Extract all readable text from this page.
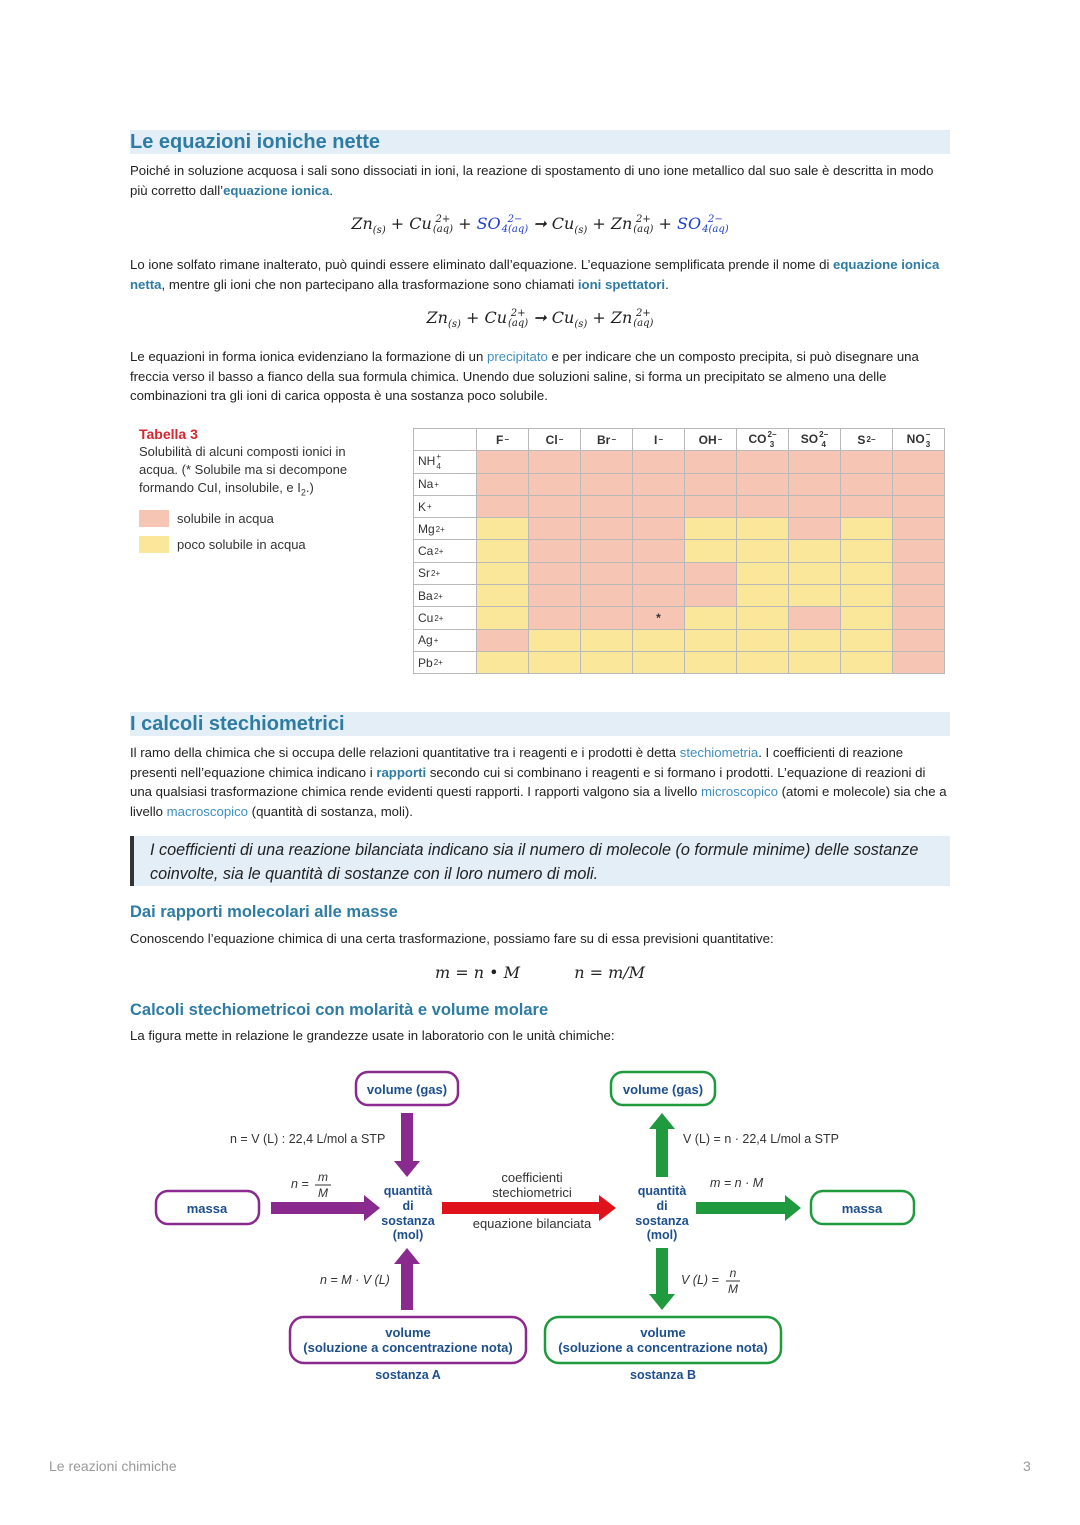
Le equazioni ioniche nette
Poiché in soluzione acquosa i sali sono dissociati in ioni, la reazione di spostamento di uno ione metallico dal suo sale è descritta in modo più corretto dall’equazione ionica.
$Zn_{(s)} + Cu$ 2+
(aq) + SO 2−
4(aq) ➞ $Cu_{(s)} + Zn$ 2+
(aq) + SO 2−
4(aq)
Lo ione solfato rimane inalterato, può quindi essere eliminato dall’equazione. L’equazione semplificata prende il nome di equazione ionica netta, mentre gli ioni che non partecipano alla trasformazione sono chiamati ioni spettatori.
$Zn_{(s)} + Cu$ 2+
(aq) ➞ $Cu_{(s)} + Zn$ 2+
(aq)
Le equazioni in forma ionica evidenziano la formazione di un precipitato e per indicare che un composto precipita, si può disegnare una freccia verso il basso a fianco della sua formula chimica. Unendo due soluzioni saline, si forma un precipitato se almeno una delle combinazioni tra gli ioni di carica opposta è una sostanza poco solubile.
Tabella 3
Solubilità di alcuni composti ionici in acqua. (* Solubile ma si decompone formando CuI, insolubile, e $I_2$.)
solubile in acqua
poco solubile in acqua
	F −	Cl −	Br −	I −	OH −	CO 2−
3	SO 2−
4	S 2−	NO −
3

NH +
4									

Na +									

K +									

Mg 2+									

Ca 2+									

Sr 2+									

Ba 2+									

Cu 2+				*					
Ag +									

Pb 2+									

I calcoli stechiometrici
Il ramo della chimica che si occupa delle relazioni quantitative tra i reagenti e i prodotti è detta stechiometria. I coefficienti di reazione presenti nell’equazione chimica indicano i rapporti secondo cui si combinano i reagenti e si formano i prodotti. L’equazione di reazioni di una qualsiasi trasformazione chimica rende evidenti questi rapporti. I rapporti valgono sia a livello microscopico (atomi e molecole) sia che a livello macroscopico (quantità di sostanza, moli).
I coefficienti di una reazione bilanciata indicano sia il numero di molecole (o formule minime) delle sostanze coinvolte, sia le quantità di sostanze con il loro numero di moli.
Dai rapporti molecolari alle masse
Conoscendo l’equazione chimica di una certa trasformazione, possiamo fare su di essa previsioni quantitative:
m = n • M	n = m/M
Calcoli stechiometricoi con molarità e volume molare
La figura mette in relazione le grandezze usate in laboratorio con le unità chimiche:
volume (gas)	volume (gas)
n = V (L) : 22,4 L/mol a STP	V (L) = n · 22,4 L/mol a STP
massa
n = m
M	quantità
di
sostanza
(mol)
coefficienti
stechiometrici
equazione bilanciata
quantità
di
sostanza
(mol)
m = n · M
massa
n = M · V (L)	V (L) = n
M
volume
(soluzione a concentrazione nota)
volume
(soluzione a concentrazione nota)
sostanza A	sostanza B
Le reazioni chimiche	3
